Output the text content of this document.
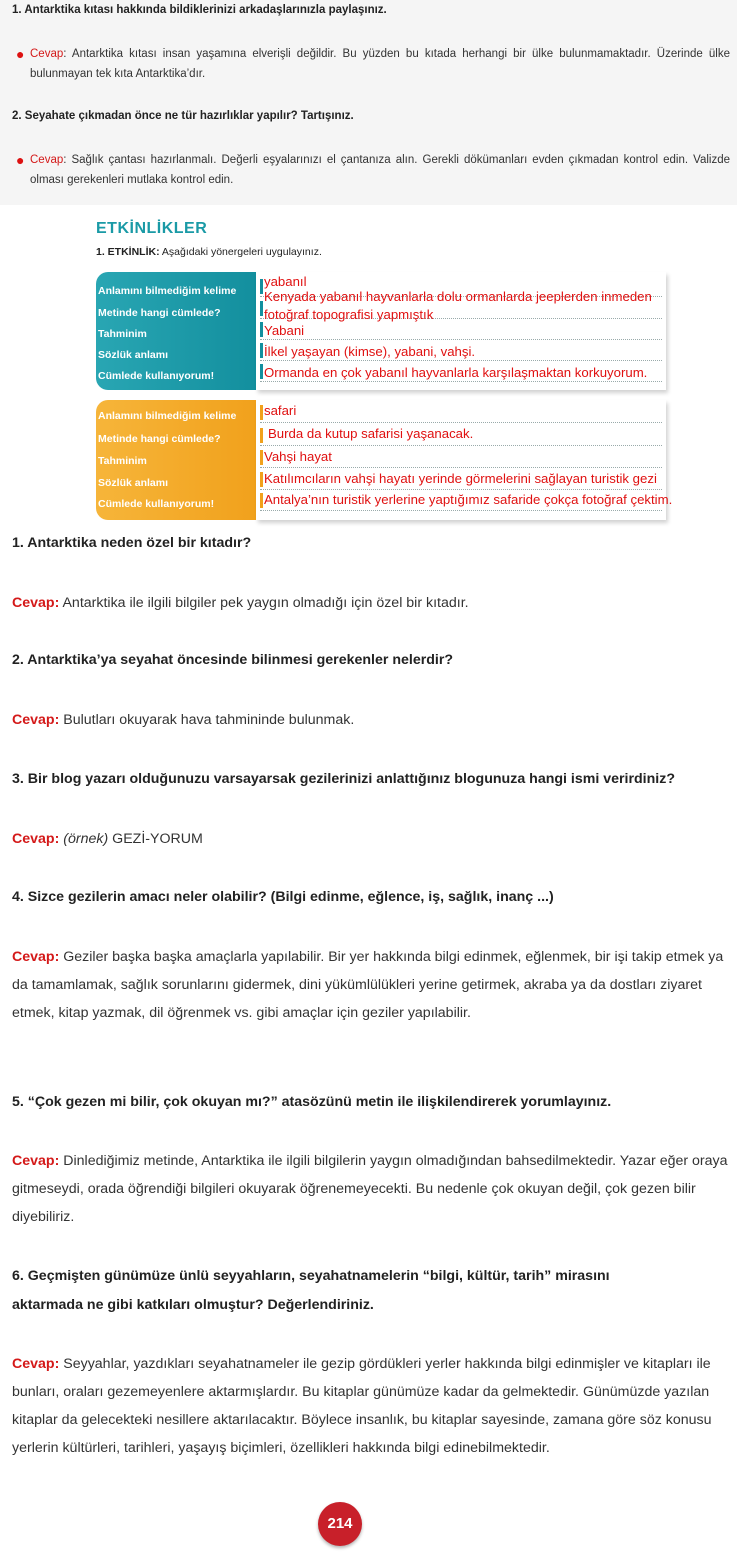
1. Antarktika kıtası hakkında bildiklerinizi arkadaşlarınızla paylaşınız.
● Cevap: Antarktika kıtası insan yaşamına elverişli değildir. Bu yüzden bu kıtada herhangi bir ülke bulunmamaktadır. Üzerinde ülke bulunmayan tek kıta Antarktika’dır.
2. Seyahate çıkmadan önce ne tür hazırlıklar yapılır? Tartışınız.
● Cevap: Sağlık çantası hazırlanmalı. Değerli eşyalarınızı el çantanıza alın. Gerekli dökümanları evden çıkmadan kontrol edin. Valizde olması gerekenleri mutlaka kontrol edin.
ETKİNLİKLER
1. ETKİNLİK: Aşağıdaki yönergeleri uygulayınız.
Anlamını bilmediğim kelime
Metinde hangi cümlede?
Tahminim
Sözlük anlamı
Cümlede kullanıyorum!
yabanıl
Kenyada yabanıl hayvanlarla dolu ormanlarda jeeplerden inmeden
fotoğraf topografisi yapmıştık
Yabani
İlkel yaşayan (kimse), yabani, vahşi.
Ormanda en çok yabanıl hayvanlarla karşılaşmaktan korkuyorum.
Anlamını bilmediğim kelime
Metinde hangi cümlede?
Tahminim
Sözlük anlamı
Cümlede kullanıyorum!
safari
Burda da kutup safarisi yaşanacak.
Vahşi hayat
Katılımcıların vahşi hayatı yerinde görmelerini sağlayan turistik gezi
Antalya’nın turistik yerlerine yaptığımız safaride çokça fotoğraf çektim.
1. Antarktika neden özel bir kıtadır?
Cevap: Antarktika ile ilgili bilgiler pek yaygın olmadığı için özel bir kıtadır.
2. Antarktika’ya seyahat öncesinde bilinmesi gerekenler nelerdir?
Cevap: Bulutları okuyarak hava tahmininde bulunmak.
3. Bir blog yazarı olduğunuzu varsayarsak gezilerinizi anlattığınız blogunuza hangi ismi verirdiniz?
Cevap: (örnek) GEZİ-YORUM
4. Sizce gezilerin amacı neler olabilir? (Bilgi edinme, eğlence, iş, sağlık, inanç ...)
Cevap: Geziler başka başka amaçlarla yapılabilir. Bir yer hakkında bilgi edinmek, eğlenmek, bir işi takip etmek ya da tamamlamak, sağlık sorunlarını gidermek, dini yükümlülükleri yerine getirmek, akraba ya da dostları ziyaret etmek, kitap yazmak, dil öğrenmek vs. gibi amaçlar için geziler yapılabilir.
5. “Çok gezen mi bilir, çok okuyan mı?” atasözünü metin ile ilişkilendirerek yorumlayınız.
Cevap: Dinlediğimiz metinde, Antarktika ile ilgili bilgilerin yaygın olmadığından bahsedilmektedir. Yazar eğer oraya gitmeseydi, orada öğrendiği bilgileri okuyarak öğrenemeyecekti. Bu nedenle çok okuyan değil, çok gezen bilir diyebiliriz.
6. Geçmişten günümüze ünlü seyyahların, seyahatnamelerin “bilgi, kültür, tarih” mirasını
aktarmada ne gibi katkıları olmuştur? Değerlendiriniz.
Cevap: Seyyahlar, yazdıkları seyahatnameler ile gezip gördükleri yerler hakkında bilgi edinmişler ve kitapları ile bunları, oraları gezemeyenlere aktarmışlardır. Bu kitaplar günümüze kadar da gelmektedir. Günümüzde yazılan kitaplar da gelecekteki nesillere aktarılacaktır. Böylece insanlık, bu kitaplar sayesinde, zamana göre söz konusu yerlerin kültürleri, tarihleri, yaşayış biçimleri, özellikleri hakkında bilgi edinebilmektedir.
214
